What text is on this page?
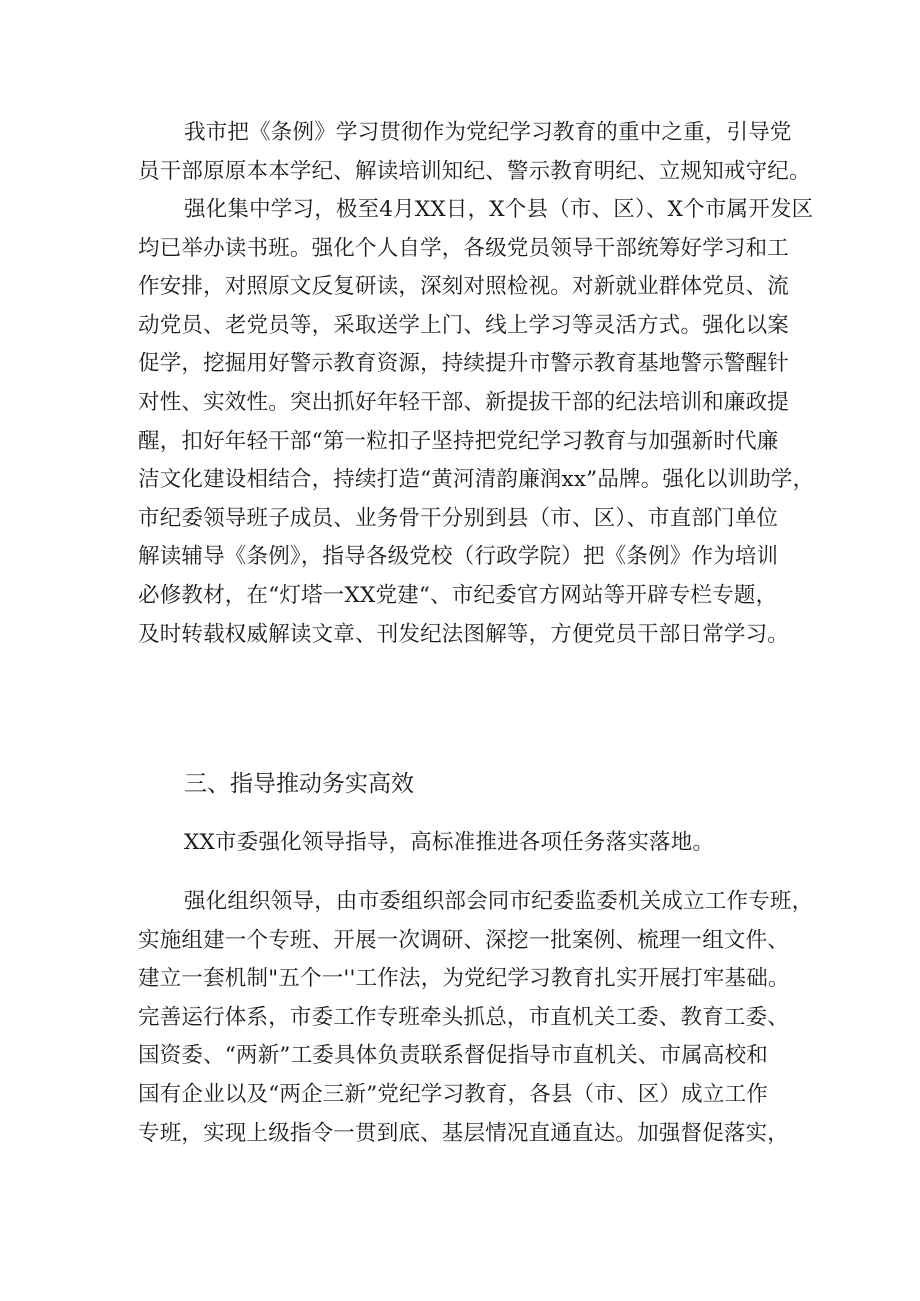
我市把《条例》学习贯彻作为党纪学习教育的重中之重，引导党
员干部原原本本学纪、解读培训知纪、警示教育明纪、立规知戒守纪。

强化集中学习，极至4月XX日，X个县（市、区）、X个市属开发区
均已举办读书班。强化个人自学，各级党员领导干部统筹好学习和工
作安排，对照原文反复研读，深刻对照检视。对新就业群体党员、流
动党员、老党员等，采取送学上门、线上学习等灵活方式。强化以案
促学，挖掘用好警示教育资源，持续提升市警示教育基地警示警醒针
对性、实效性。突出抓好年轻干部、新提拔干部的纪法培训和廉政提
醒，扣好年轻干部“第一粒扣子坚持把党纪学习教育与加强新时代廉
洁文化建设相结合，持续打造“黄河清韵廉润xx”品牌。强化以训助学，
市纪委领导班子成员、业务骨干分别到县（市、区）、市直部门单位
解读辅导《条例》，指导各级党校（行政学院）把《条例》作为培训
必修教材，在“灯塔一XX党建“、市纪委官方网站等开辟专栏专题，
及时转载权威解读文章、刊发纪法图解等，方便党员干部日常学习。

三、指导推动务实高效

XX市委强化领导指导，高标准推进各项任务落实落地。

强化组织领导，由市委组织部会同市纪委监委机关成立工作专班，
实施组建一个专班、开展一次调研、深挖一批案例、梳理一组文件、
建立一套机制"五个一''工作法，为党纪学习教育扎实开展打牢基础。
完善运行体系，市委工作专班牵头抓总，市直机关工委、教育工委、
国资委、“两新”工委具体负责联系督促指导市直机关、市属高校和
国有企业以及“两企三新”党纪学习教育，各县（市、区）成立工作
专班，实现上级指令一贯到底、基层情况直通直达。加强督促落实，
